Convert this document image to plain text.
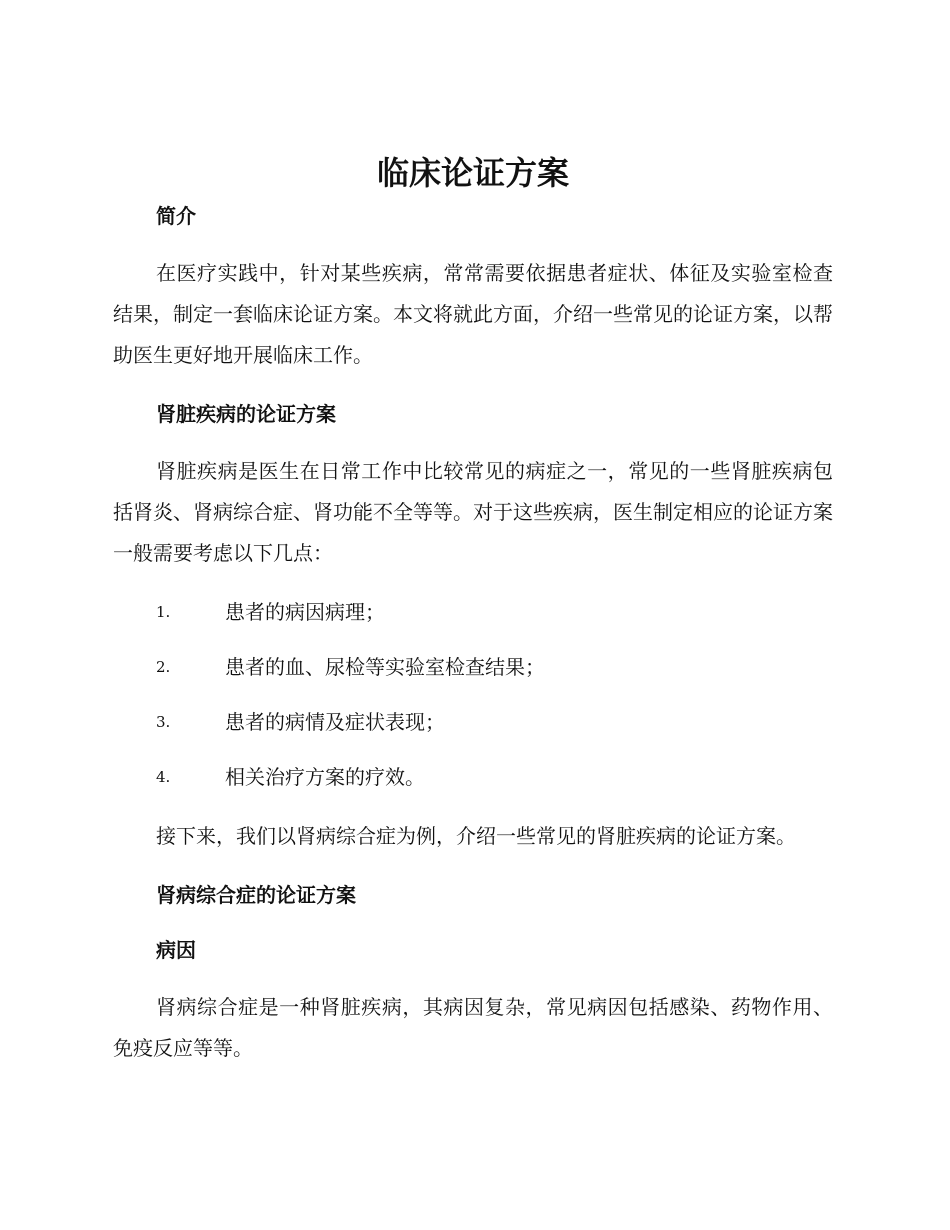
临床论证方案
简介

在医疗实践中，针对某些疾病，常常需要依据患者症状、体征及实验室检查结果，制定一套临床论证方案。本文将就此方面，介绍一些常见的论证方案，以帮助医生更好地开展临床工作。

肾脏疾病的论证方案

肾脏疾病是医生在日常工作中比较常见的病症之一，常见的一些肾脏疾病包括肾炎、肾病综合症、肾功能不全等等。对于这些疾病，医生制定相应的论证方案一般需要考虑以下几点：

1.	患者的病因病理；
2.	患者的血、尿检等实验室检查结果；
3.	患者的病情及症状表现；
4.	相关治疗方案的疗效。

接下来，我们以肾病综合症为例，介绍一些常见的肾脏疾病的论证方案。

肾病综合症的论证方案
病因

肾病综合症是一种肾脏疾病，其病因复杂，常见病因包括感染、药物作用、免疫反应等等。
